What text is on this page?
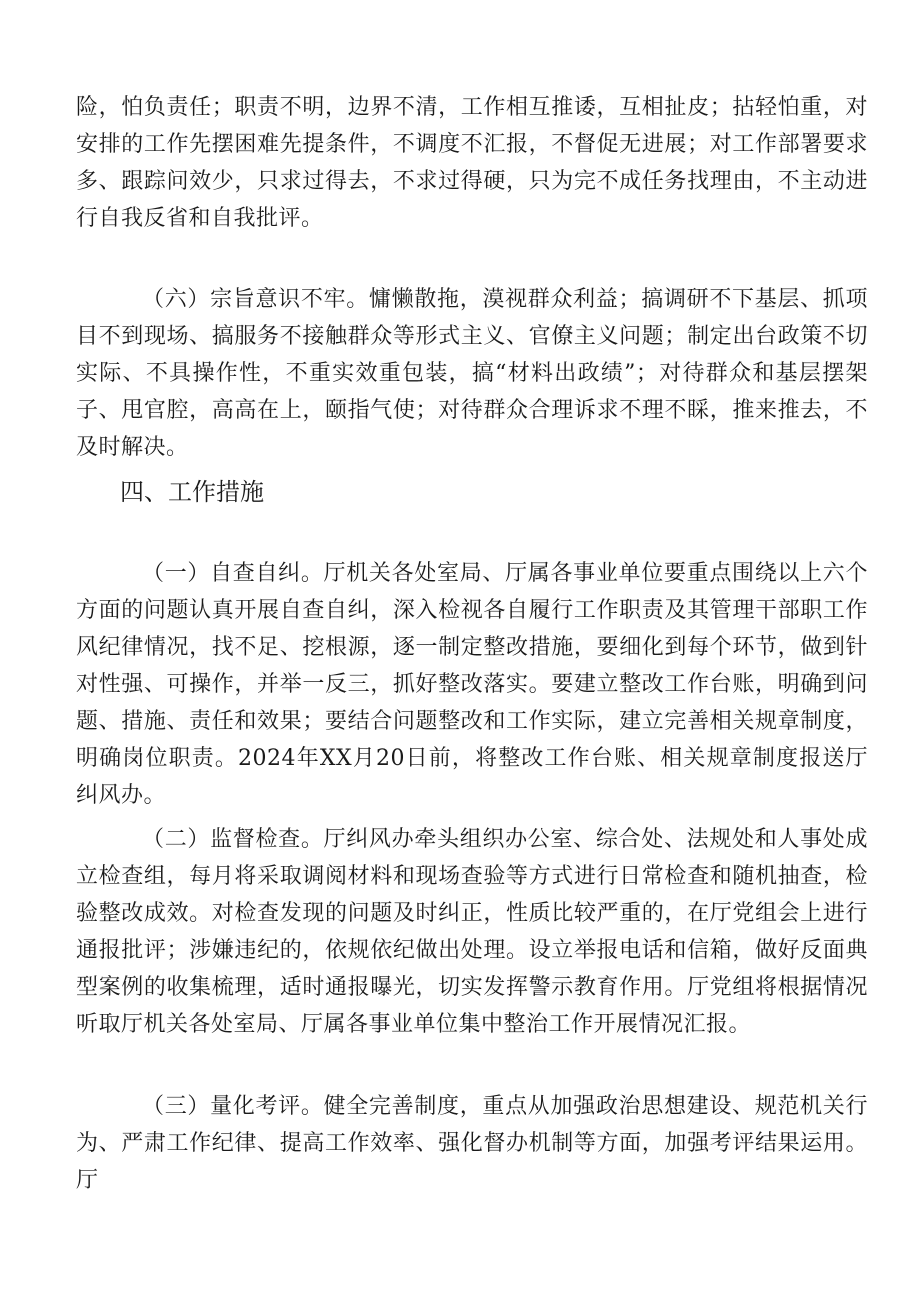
险，怕负责任；职责不明，边界不清，工作相互推诿，互相扯皮；拈轻怕重，对安排的工作先摆困难先提条件，不调度不汇报，不督促无进展；对工作部署要求多、跟踪问效少，只求过得去，不求过得硬，只为完不成任务找理由，不主动进行自我反省和自我批评。

（六）宗旨意识不牢。慵懒散拖，漠视群众利益；搞调研不下基层、抓项目不到现场、搞服务不接触群众等形式主义、官僚主义问题；制定出台政策不切实际、不具操作性，不重实效重包装，搞“材料出政绩”；对待群众和基层摆架子、甩官腔，高高在上，颐指气使；对待群众合理诉求不理不睬，推来推去，不及时解决。

四、工作措施

（一）自查自纠。厅机关各处室局、厅属各事业单位要重点围绕以上六个方面的问题认真开展自查自纠，深入检视各自履行工作职责及其管理干部职工作风纪律情况，找不足、挖根源，逐一制定整改措施，要细化到每个环节，做到针对性强、可操作，并举一反三，抓好整改落实。要建立整改工作台账，明确到问题、措施、责任和效果；要结合问题整改和工作实际，建立完善相关规章制度，明确岗位职责。2024年XX月20日前，将整改工作台账、相关规章制度报送厅纠风办。

（二）监督检查。厅纠风办牵头组织办公室、综合处、法规处和人事处成立检查组，每月将采取调阅材料和现场查验等方式进行日常检查和随机抽查，检验整改成效。对检查发现的问题及时纠正，性质比较严重的，在厅党组会上进行通报批评；涉嫌违纪的，依规依纪做出处理。设立举报电话和信箱，做好反面典型案例的收集梳理，适时通报曝光，切实发挥警示教育作用。厅党组将根据情况听取厅机关各处室局、厅属各事业单位集中整治工作开展情况汇报。

（三）量化考评。健全完善制度，重点从加强政治思想建设、规范机关行为、严肃工作纪律、提高工作效率、强化督办机制等方面，加强考评结果运用。厅
